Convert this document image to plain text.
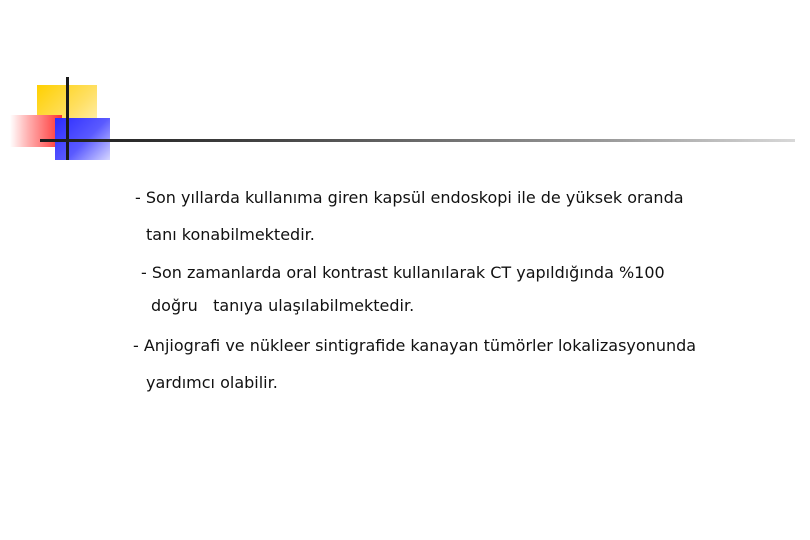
- Son yıllarda kullanıma giren kapsül endoskopi ile de yüksek oranda
tanı konabilmektedir.
- Son zamanlarda oral kontrast kullanılarak CT yapıldığında %100
doğru   tanıya ulaşılabilmektedir.
- Anjiografi ve nükleer sintigrafide kanayan tümörler lokalizasyonunda
yardımcı olabilir.
